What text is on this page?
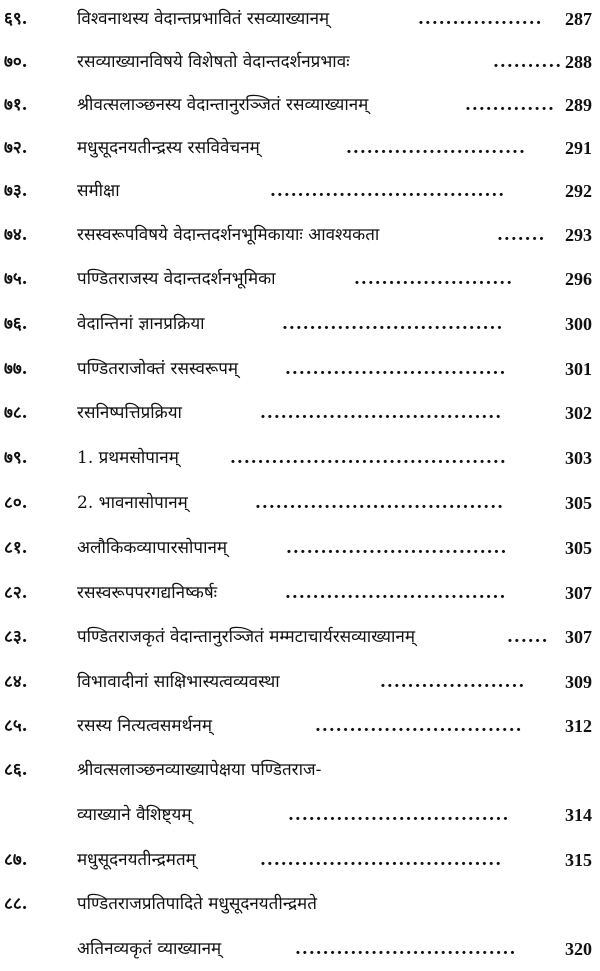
६९.	विश्वनाथस्य वेदान्तप्रभावितं रसव्याख्यानम्	.................. 287
७०.	रसव्याख्यानविषये विशेषतो वेदान्तदर्शनप्रभावः	.......... 288
७१.	श्रीवत्सलाञ्छनस्य वेदान्तानुरञ्जितं रसव्याख्यानम्	............. 289
७२.	मधुसूदनयतीन्द्रस्य रसविवेचनम्	.......................... 291
७३.	समीक्षा	..................................	292
७४.	रसस्वरूपविषये वेदान्तदर्शनभूमिकायाः आवश्यकता	....... 293
७५.	पण्डितराजस्य वेदान्तदर्शनभूमिका	.......................	296
७६.	वेदान्तिनां ज्ञानप्रक्रिया	................................	300
७७.	पण्डितराजोक्तं रसस्वरूपम्	................................	301
७८.	रसनिष्पत्तिप्रक्रिया	...................................	302
७९.	1. प्रथमसोपानम्	........................................	303
८०.	2. भावनासोपानम्	....................................	305
८१.	अलौकिकव्यापारसोपानम्	................................	305
८२.	रसस्वरूपपरगद्यनिष्कर्षः	................................	307
८३.	पण्डितराजकृतं वेदान्तानुरञ्जितं मम्मटाचार्यरसव्याख्यानम्	...... 307
८४.	विभावादीनां साक्षिभास्यत्वव्यवस्था	..................... 309
८५.	रसस्य नित्यत्वसमर्थनम्	.............................. 312
८६.	श्रीवत्सलाञ्छनव्याख्यापेक्षया पण्डितराज-
व्याख्याने वैशिष्ट्यम्	................................	314
८७.	मधुसूदनयतीन्द्रमतम्	...................................	315
८८.	पण्डितराजप्रतिपादिते मधुसूदनयतीन्द्रमते
अतिनव्यकृतं व्याख्यानम्	................................	320
